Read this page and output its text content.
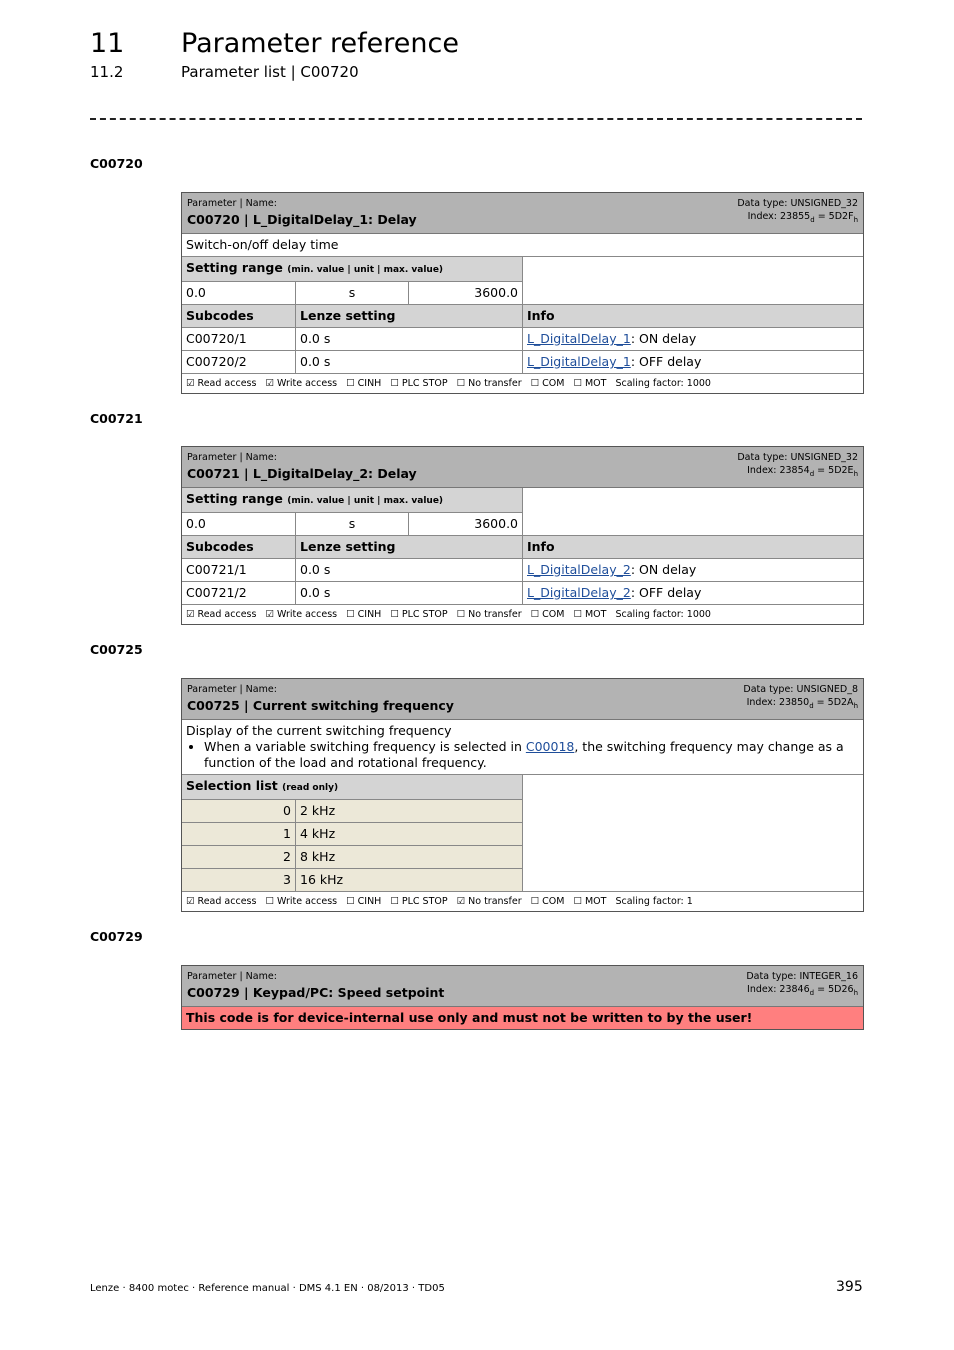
11 Parameter reference
11.2	Parameter list | C00720
C00720
Parameter | Name:
C00720 | L_DigitalDelay_1: Delay
Data type: UNSIGNED_32
Index: $23855_d = 5D2F_h$
Switch-on/off delay time
Setting range (min. value | unit | max. value)
0.0	s	3600.0
Subcodes	Lenze setting	Info
C00720/1	0.0 s	L_DigitalDelay_1: ON delay
C00720/2	0.0 s	L_DigitalDelay_1: OFF delay
☑ Read access ☑ Write access ☐ CINH ☐ PLC STOP ☐ No transfer ☐ COM ☐ MOT Scaling factor: 1000
C00721
Parameter | Name:
C00721 | L_DigitalDelay_2: Delay
Data type: UNSIGNED_32
Index: $23854_d = 5D2E_h$
Setting range (min. value | unit | max. value)
0.0	s	3600.0
Subcodes	Lenze setting	Info
C00721/1	0.0 s	L_DigitalDelay_2: ON delay
C00721/2	0.0 s	L_DigitalDelay_2: OFF delay
☑ Read access ☑ Write access ☐ CINH ☐ PLC STOP ☐ No transfer ☐ COM ☐ MOT Scaling factor: 1000
C00725
Parameter | Name:
C00725 | Current switching frequency
Data type: UNSIGNED_8
Index: $23850_d = 5D2A_h$
Display of the current switching frequency
• When a variable switching frequency is selected in C00018, the switching frequency may change as a function of the load and rotational frequency.
Selection list (read only)
0 2 kHz
1 4 kHz
2 8 kHz
3 16 kHz
☑ Read access ☐ Write access ☐ CINH ☐ PLC STOP ☑ No transfer ☐ COM ☐ MOT Scaling factor: 1
C00729
Parameter | Name:
C00729 | Keypad/PC: Speed setpoint
Data type: INTEGER_16
Index: $23846_d = 5D26_h$
This code is for device-internal use only and must not be written to by the user!
Lenze · 8400 motec · Reference manual · DMS 4.1 EN · 08/2013 · TD05	395
